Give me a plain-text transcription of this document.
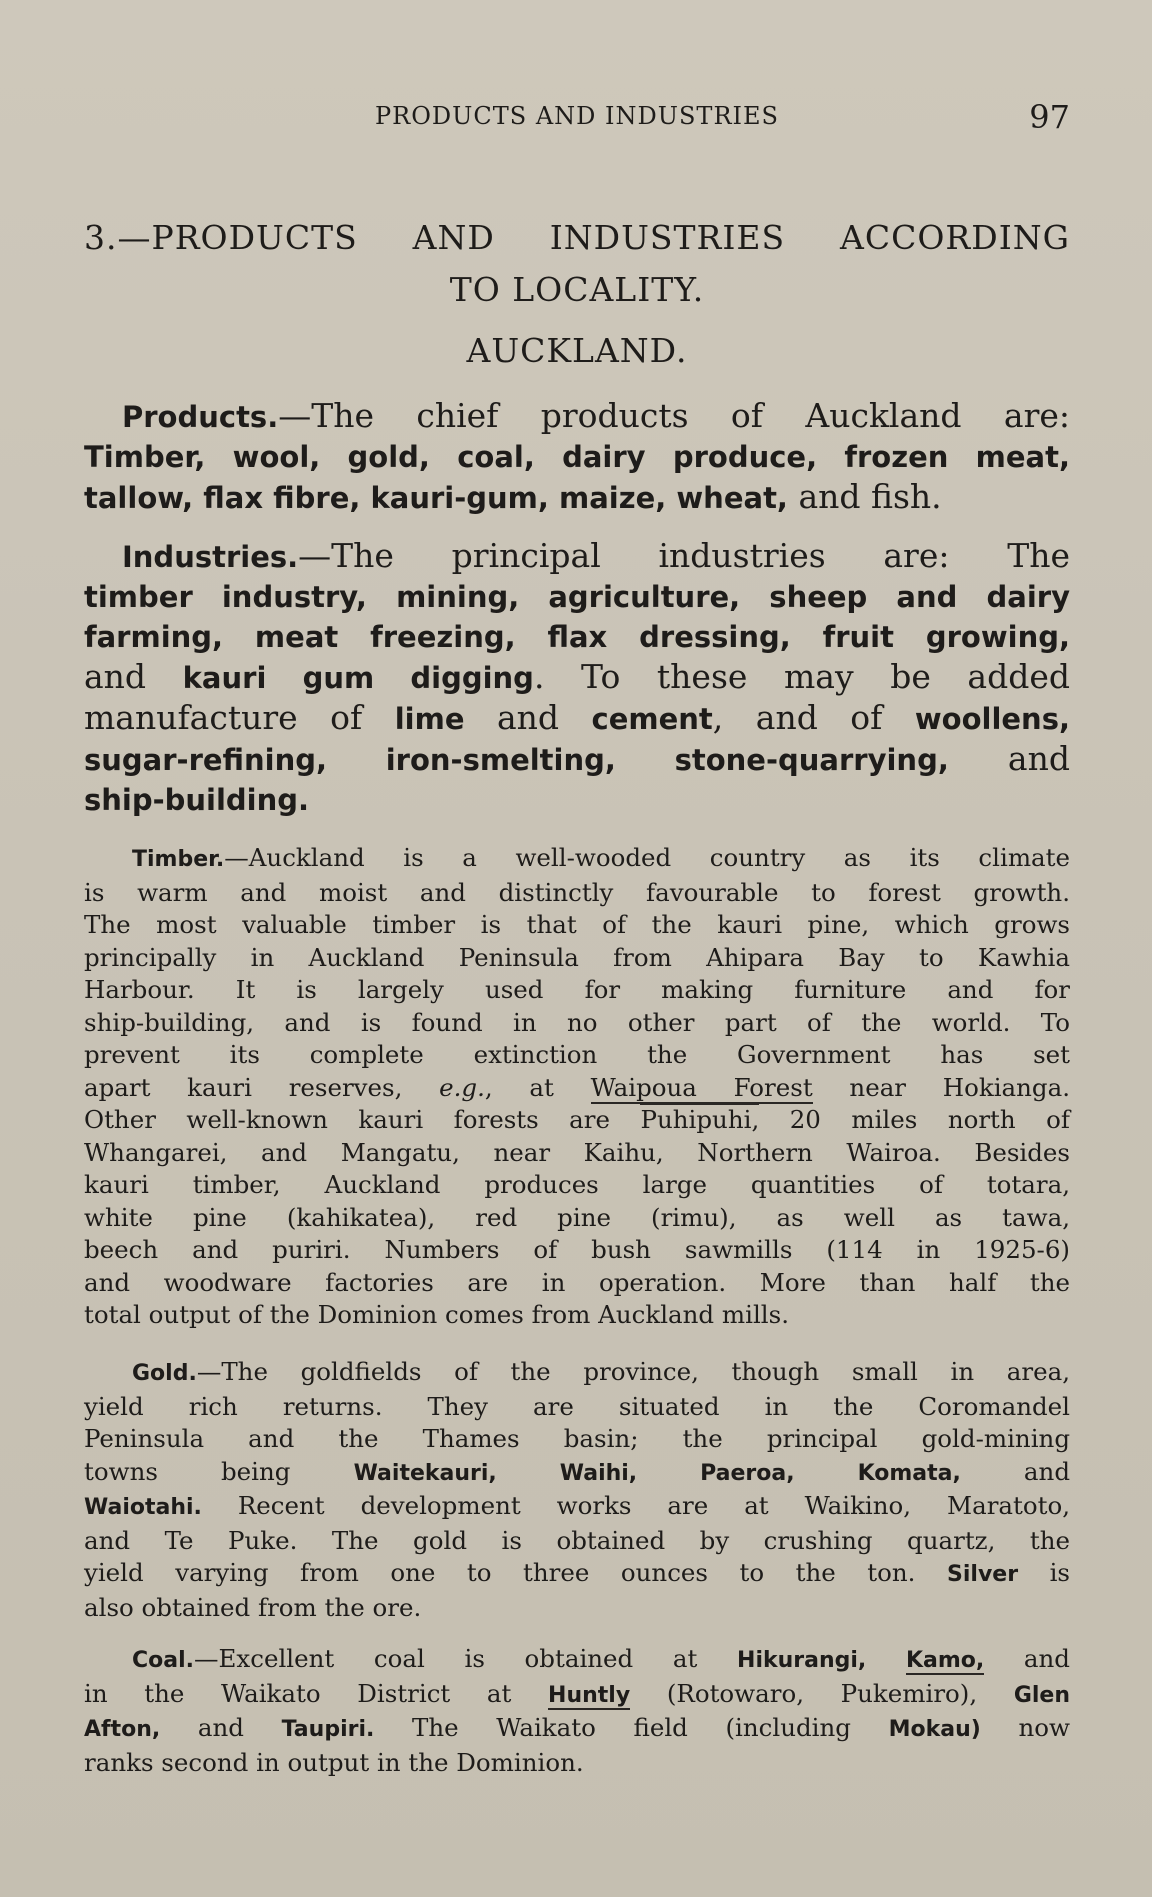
PRODUCTS AND INDUSTRIES	97
3.—PRODUCTS AND INDUSTRIES ACCORDING
TO LOCALITY.
AUCKLAND.
Products.—The chief products of Auckland are:
Timber, wool, gold, coal, dairy produce, frozen meat,
tallow, flax fibre, kauri-gum, maize, wheat, and fish.
Industries.—The principal industries are: The
timber industry, mining, agriculture, sheep and dairy
farming, meat freezing, flax dressing, fruit growing,
and kauri gum digging. To these may be added
manufacture of lime and cement, and of woollens,
sugar-refining, iron-smelting, stone-quarrying, and
ship-building.
Timber.—Auckland is a well-wooded country as its climate
is warm and moist and distinctly favourable to forest growth.
The most valuable timber is that of the kauri pine, which grows
principally in Auckland Peninsula from Ahipara Bay to Kawhia
Harbour. It is largely used for making furniture and for
ship-building, and is found in no other part of the world. To
prevent its complete extinction the Government has set
apart kauri reserves, e.g., at Waipoua Forest near Hokianga.
Other well-known kauri forests are Puhipuhi, 20 miles north of
Whangarei, and Mangatu, near Kaihu, Northern Wairoa. Besides
kauri timber, Auckland produces large quantities of totara,
white pine (kahikatea), red pine (rimu), as well as tawa,
beech and puriri. Numbers of bush sawmills (114 in 1925-6)
and woodware factories are in operation. More than half the
total output of the Dominion comes from Auckland mills.
Gold.—The goldfields of the province, though small in area,
yield rich returns. They are situated in the Coromandel
Peninsula and the Thames basin; the principal gold-mining
towns being Waitekauri, Waihi, Paeroa, Komata, and
Waiotahi. Recent development works are at Waikino, Maratoto,
and Te Puke. The gold is obtained by crushing quartz, the
yield varying from one to three ounces to the ton. Silver is
also obtained from the ore.
Coal.—Excellent coal is obtained at Hikurangi, Kamo, and
in the Waikato District at Huntly (Rotowaro, Pukemiro), Glen
Afton, and Taupiri. The Waikato field (including Mokau) now
ranks second in output in the Dominion.
